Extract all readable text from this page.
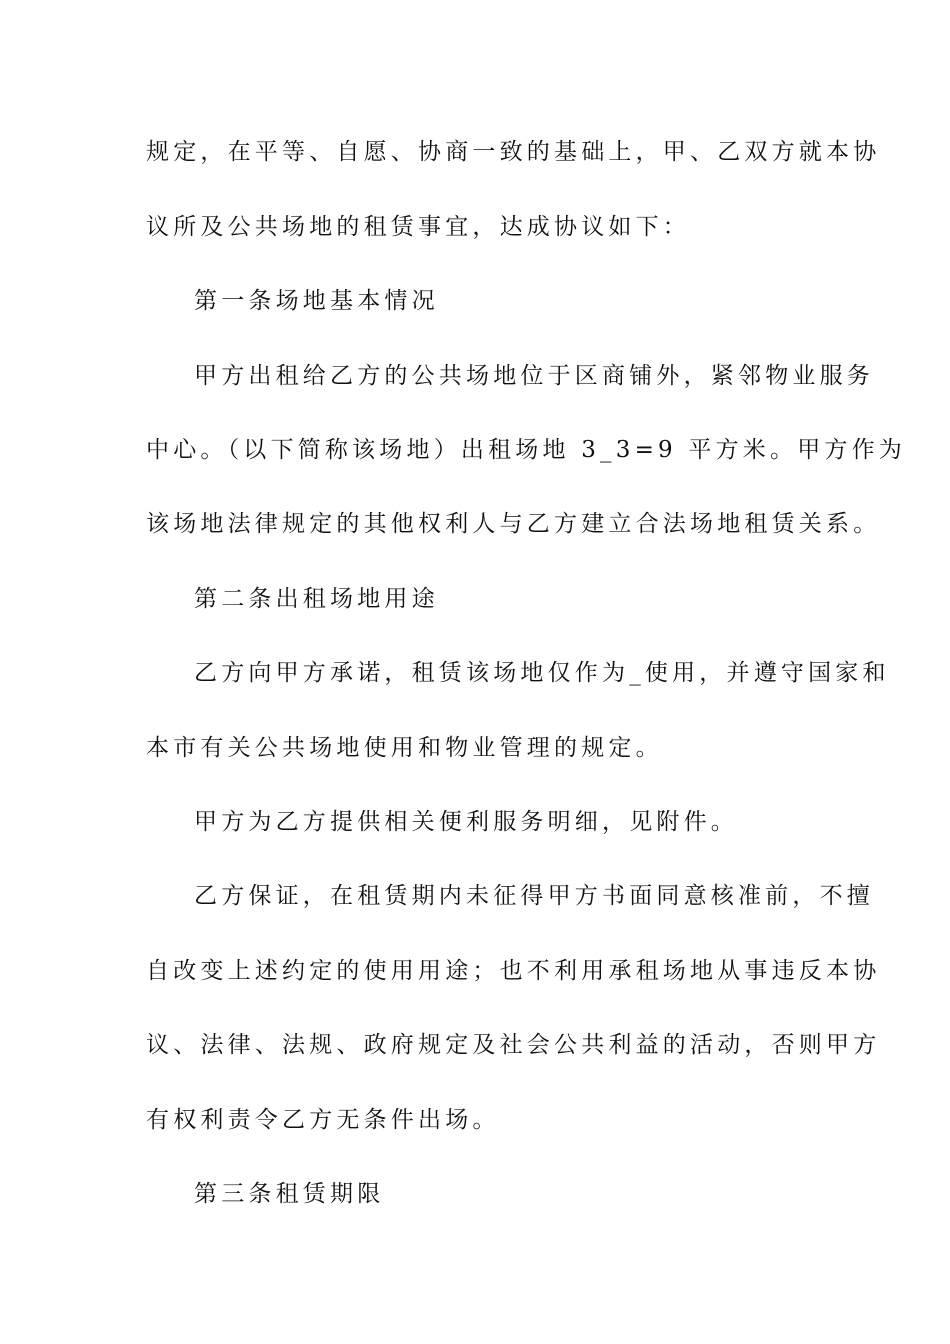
规定，在平等、自愿、协商一致的基础上，甲、乙双方就本协

议所及公共场地的租赁事宜，达成协议如下：

第一条场地基本情况

甲方出租给乙方的公共场地位于区商铺外，紧邻物业服务

中心。（以下简称该场地）出租场地 3_3=9 平方米。甲方作为

该场地法律规定的其他权利人与乙方建立合法场地租赁关系。

第二条出租场地用途

乙方向甲方承诺，租赁该场地仅作为_使用，并遵守国家和

本市有关公共场地使用和物业管理的规定。

甲方为乙方提供相关便利服务明细，见附件。

乙方保证，在租赁期内未征得甲方书面同意核准前，不擅

自改变上述约定的使用用途；也不利用承租场地从事违反本协

议、法律、法规、政府规定及社会公共利益的活动，否则甲方

有权利责令乙方无条件出场。

第三条租赁期限
